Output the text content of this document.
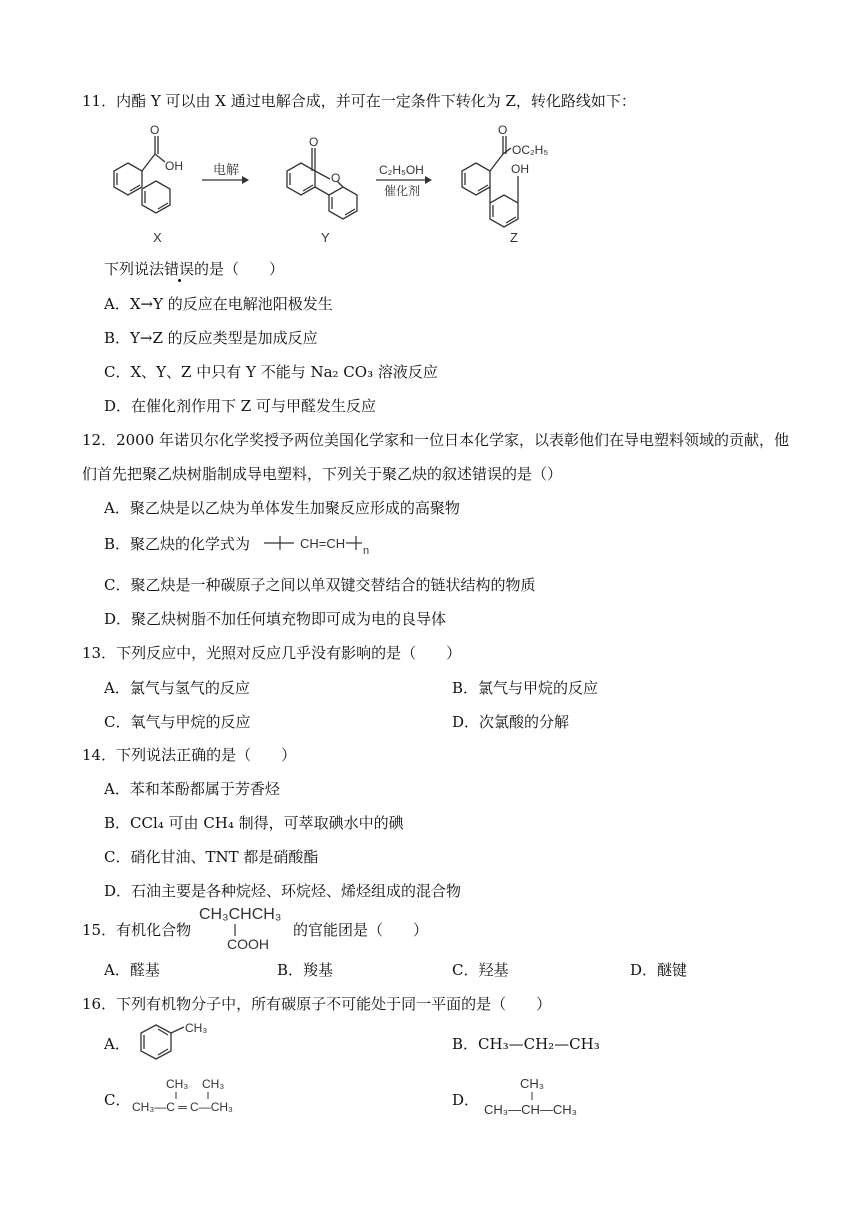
11．内酯 Y 可以由 X 通过电解合成，并可在一定条件下转化为 Z，转化路线如下：
O
OH
X
电解
O
O
Y
C₂H₅OH
催化剂
O
OC₂H₅
OH
Z
下列说法错误的是（　　）
A．X→Y 的反应在电解池阳极发生
B．Y→Z 的反应类型是加成反应
C．X、Y、Z 中只有 Y 不能与 Na₂ CO₃ 溶液反应
D．在催化剂作用下 Z 可与甲醛发生反应
12．2000 年诺贝尔化学奖授予两位美国化学家和一位日本化学家，以表彰他们在导电塑料领域的贡献，他
们首先把聚乙炔树脂制成导电塑料，下列关于聚乙炔的叙述错误的是（）
A．聚乙炔是以乙炔为单体发生加聚反应形成的高聚物
B．聚乙炔的化学式为	CH=CH n
C．聚乙炔是一种碳原子之间以单双键交替结合的链状结构的物质
D．聚乙炔树脂不加任何填充物即可成为电的良导体
13．下列反应中，光照对反应几乎没有影响的是（　　）
A．氯气与氢气的反应	B．氯气与甲烷的反应
C．氧气与甲烷的反应	D．次氯酸的分解
14．下列说法正确的是（　　）
A．苯和苯酚都属于芳香烃
B．CCl₄ 可由 CH₄ 制得，可萃取碘水中的碘
C．硝化甘油、TNT 都是硝酸酯
D．石油主要是各种烷烃、环烷烃、烯烃组成的混合物
15．有机化合物
CH₃CHCH₃
COOH
的官能团是（　　）
A．醛基	B．羧基	C．羟基	D．醚键
16．下列有机物分子中，所有碳原子不可能处于同一平面的是（　　）
A．
CH₃
B．CH₃—CH₂—CH₃
C．
CH₃ CH₃
CH₃—C ═ C—CH₃	D．
CH₃
CH₃—CH—CH₃
